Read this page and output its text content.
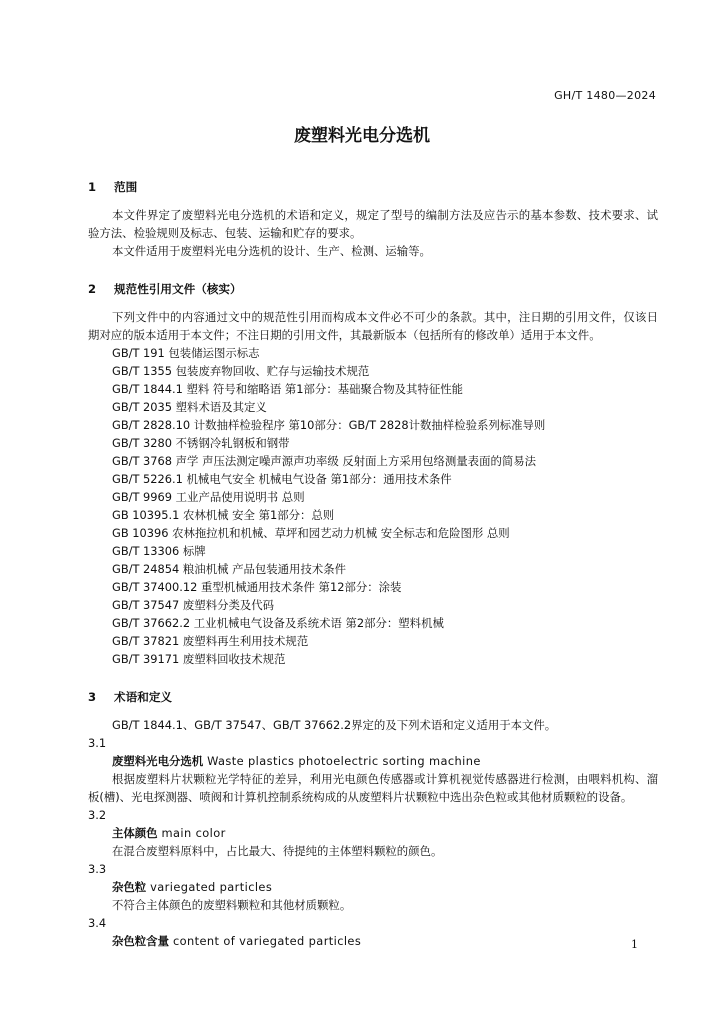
GH/T 1480—2024
废塑料光电分选机
1 范围

本文件界定了废塑料光电分选机的术语和定义，规定了型号的编制方法及应告示的基本参数、技术要求、试验方法、检验规则及标志、包装、运输和贮存的要求。

本文件适用于废塑料光电分选机的设计、生产、检测、运输等。

2 规范性引用文件（核实）

下列文件中的内容通过文中的规范性引用而构成本文件必不可少的条款。其中，注日期的引用文件，仅该日期对应的版本适用于本文件；不注日期的引用文件，其最新版本（包括所有的修改单）适用于本文件。

GB/T 191 包装储运图示标志

GB/T 1355 包装废弃物回收、贮存与运输技术规范

GB/T 1844.1 塑料 符号和缩略语 第1部分：基础聚合物及其特征性能

GB/T 2035 塑料术语及其定义

GB/T 2828.10 计数抽样检验程序 第10部分：GB/T 2828计数抽样检验系列标准导则

GB/T 3280 不锈钢冷轧钢板和钢带

GB/T 3768 声学 声压法测定噪声源声功率级 反射面上方采用包络测量表面的简易法

GB/T 5226.1 机械电气安全 机械电气设备 第1部分：通用技术条件

GB/T 9969 工业产品使用说明书 总则

GB 10395.1 农林机械 安全 第1部分：总则

GB 10396 农林拖拉机和机械、草坪和园艺动力机械 安全标志和危险图形 总则

GB/T 13306 标牌

GB/T 24854 粮油机械 产品包装通用技术条件

GB/T 37400.12 重型机械通用技术条件 第12部分：涂装

GB/T 37547 废塑料分类及代码

GB/T 37662.2 工业机械电气设备及系统术语 第2部分：塑料机械

GB/T 37821 废塑料再生利用技术规范

GB/T 39171 废塑料回收技术规范

3 术语和定义

GB/T 1844.1、GB/T 37547、GB/T 37662.2界定的及下列术语和定义适用于本文件。

3.1

废塑料光电分选机 Waste plastics photoelectric sorting machine

根据废塑料片状颗粒光学特征的差异，利用光电颜色传感器或计算机视觉传感器进行检测，由喂料机构、溜板(槽)、光电探测器、喷阀和计算机控制系统构成的从废塑料片状颗粒中选出杂色粒或其他材质颗粒的设备。

3.2

主体颜色 main color

在混合废塑料原料中，占比最大、待提纯的主体塑料颗粒的颜色。

3.3

杂色粒 variegated particles

不符合主体颜色的废塑料颗粒和其他材质颗粒。

3.4

杂色粒含量 content of variegated particles	1
